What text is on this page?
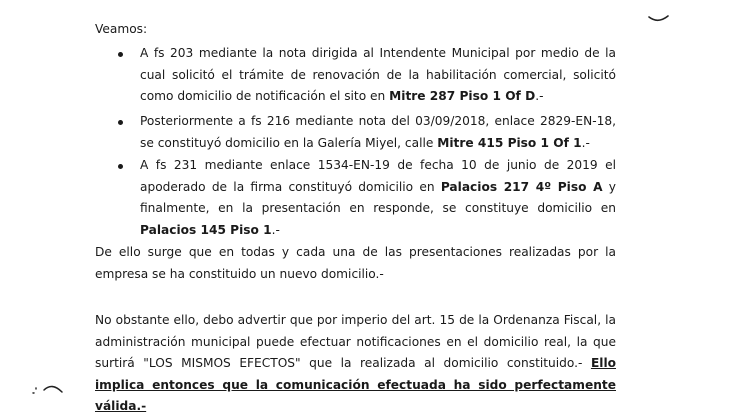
Veamos:

A fs 203 mediante la nota dirigida al Intendente Municipal por medio de la cual solicitó el trámite de renovación de la habilitación comercial, solicitó como domicilio de notificación el sito en Mitre 287 Piso 1 Of D.-
Posteriormente a fs 216 mediante nota del 03/09/2018, enlace 2829-EN-18, se constituyó domicilio en la Galería Miyel, calle Mitre 415 Piso 1 Of 1.-
A fs 231 mediante enlace 1534-EN-19 de fecha 10 de junio de 2019 el apoderado de la firma constituyó domicilio en Palacios 217 4º Piso A y finalmente, en la presentación en responde, se constituye domicilio en Palacios 145 Piso 1.-

De ello surge que en todas y cada una de las presentaciones realizadas por la empresa se ha constituido un nuevo domicilio.-

No obstante ello, debo advertir que por imperio del art. 15 de la Ordenanza Fiscal, la administración municipal puede efectuar notificaciones en el domicilio real, la que surtirá "LOS MISMOS EFECTOS" que la realizada al domicilio constituido.- Ello implica entonces que la comunicación efectuada ha sido perfectamente válida.-
